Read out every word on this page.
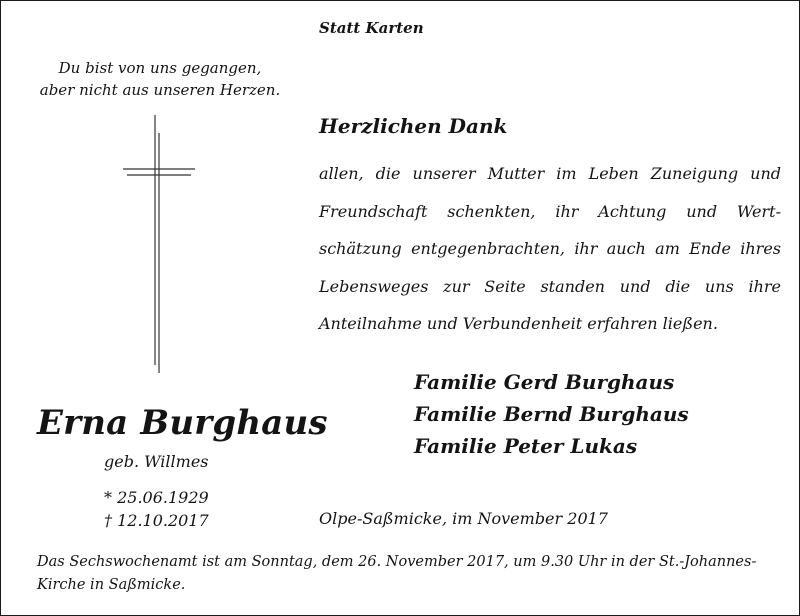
Statt Karten
Du bist von uns gegangen,
aber nicht aus unseren Herzen.
Herzlichen Dank
allen, die unserer Mutter im Leben Zuneigung und
Freundschaft schenkten, ihr Achtung und Wert-
schätzung entgegenbrachten, ihr auch am Ende ihres
Lebensweges zur Seite standen und die uns ihre
Anteilnahme und Verbundenheit erfahren ließen.
Familie Gerd Burghaus
Familie Bernd Burghaus
Familie Peter Lukas
Erna Burghaus
geb. Willmes
* 25.06.1929
† 12.10.2017	Olpe-Saßmicke, im November 2017
Das Sechswochenamt ist am Sonntag, dem 26. November 2017, um 9.30 Uhr in der St.-Johannes-
Kirche in Saßmicke.
